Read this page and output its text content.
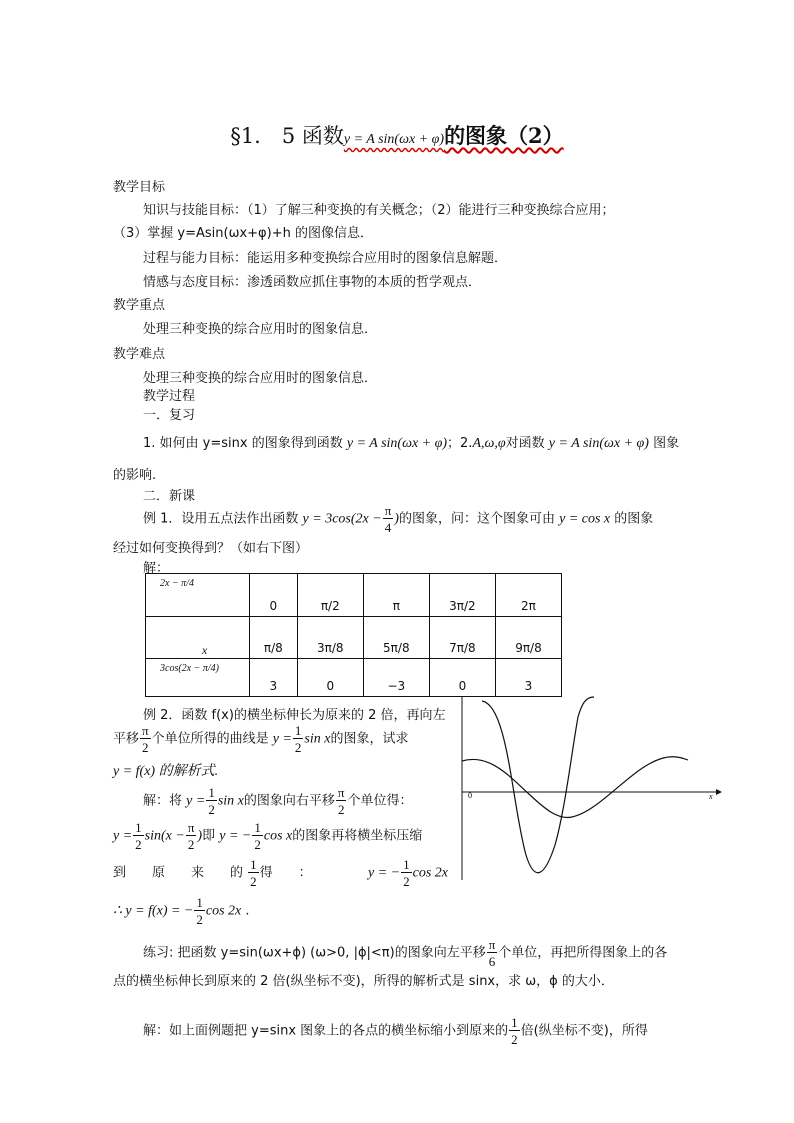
§1.　5 函数y = A sin(ωx + φ)的图象（2）
教学目标
知识与技能目标：（1）了解三种变换的有关概念；（2）能进行三种变换综合应用；
（3）掌握 y=Asin(ωx+φ)+h 的图像信息．
过程与能力目标：能运用多种变换综合应用时的图象信息解题．
情感与态度目标：渗透函数应抓住事物的本质的哲学观点．
教学重点
处理三种变换的综合应用时的图象信息．
教学难点
处理三种变换的综合应用时的图象信息．
教学过程
一．复习
1. 如何由 y=sinx 的图象得到函数 y = A sin(ωx + φ)；2.A,ω,φ对函数 y = A sin(ωx + φ) 图象
的影响.
二．新课
例 1．设用五点法作出函数 $y = 3\cos(2x - \frac{\pi}{4}$ )的图象，问：这个图象可由 y = cos x 的图象
经过如何变换得到？（如右下图）
解：
2x − π/4	0	π/2	π	3π/2	2π
x	π/8	3π/8	5π/8	7π/8	9π/8
3cos(2x − π/4)	3	0	−3	0	3
例 2．函数 f(x)的横坐标伸长为原来的 2 倍，再向左
平移 $\frac{\pi}{2}$ 个单位所得的曲线是 $y = \frac{1}{2}$ sin x的图象，试求
y = f(x) 的解析式.
解：将 $y = \frac{1}{2}$ sin x的图象向右平移 $\frac{\pi}{2}$ 个单位得：
$y = \frac{1}{2} \sin(x - \frac{\pi}{2}$ )即 y = − $\frac{1}{2}$ cos x的图象再将横坐标压缩
到　　原　　来　　的 $\frac{1}{2}$ 得　　：	y = − $\frac{1}{2}$ cos 2x
∴ y = f(x) = − $\frac{1}{2}$ cos 2x .
x
0
练习: 把函数 y=sin(ωx+ϕ) (ω>0, |ϕ|<π)的图象向左平移 $\frac{\pi}{6}$ 个单位，再把所得图象上的各
点的横坐标伸长到原来的 2 倍(纵坐标不变)，所得的解析式是 sinx，求 ω，ϕ 的大小．
解：如上面例题把 y=sinx 图象上的各点的横坐标缩小到原来的 $\frac{1}{2}$ 倍(纵坐标不变)，所得
